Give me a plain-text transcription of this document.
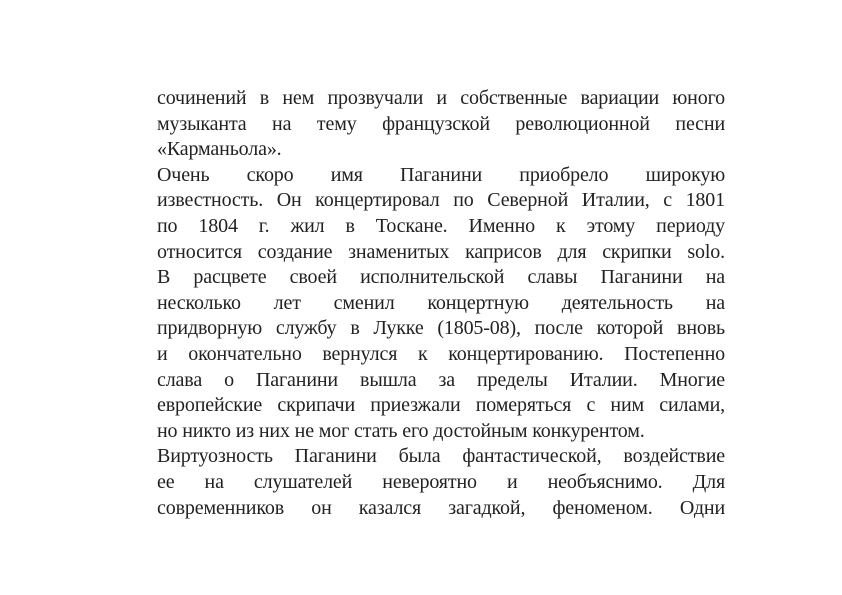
сочинений в нем прозвучали и собственные вариации юного
музыканта на тему французской революционной песни
«Карманьола».
Очень скоро имя Паганини приобрело широкую
известность. Он концертировал по Северной Италии, с 1801
по 1804 г. жил в Тоскане. Именно к этому периоду
относится создание знаменитых каприсов для скрипки solo.
В расцвете своей исполнительской славы Паганини на
несколько лет сменил концертную деятельность на
придворную службу в Лукке (1805-08), после которой вновь
и окончательно вернулся к концертированию. Постепенно
слава о Паганини вышла за пределы Италии. Многие
европейские скрипачи приезжали померяться с ним силами,
но никто из них не мог стать его достойным конкурентом.
Виртуозность Паганини была фантастической, воздействие
ее на слушателей невероятно и необъяснимо. Для
современников он казался загадкой, феноменом. Одни
